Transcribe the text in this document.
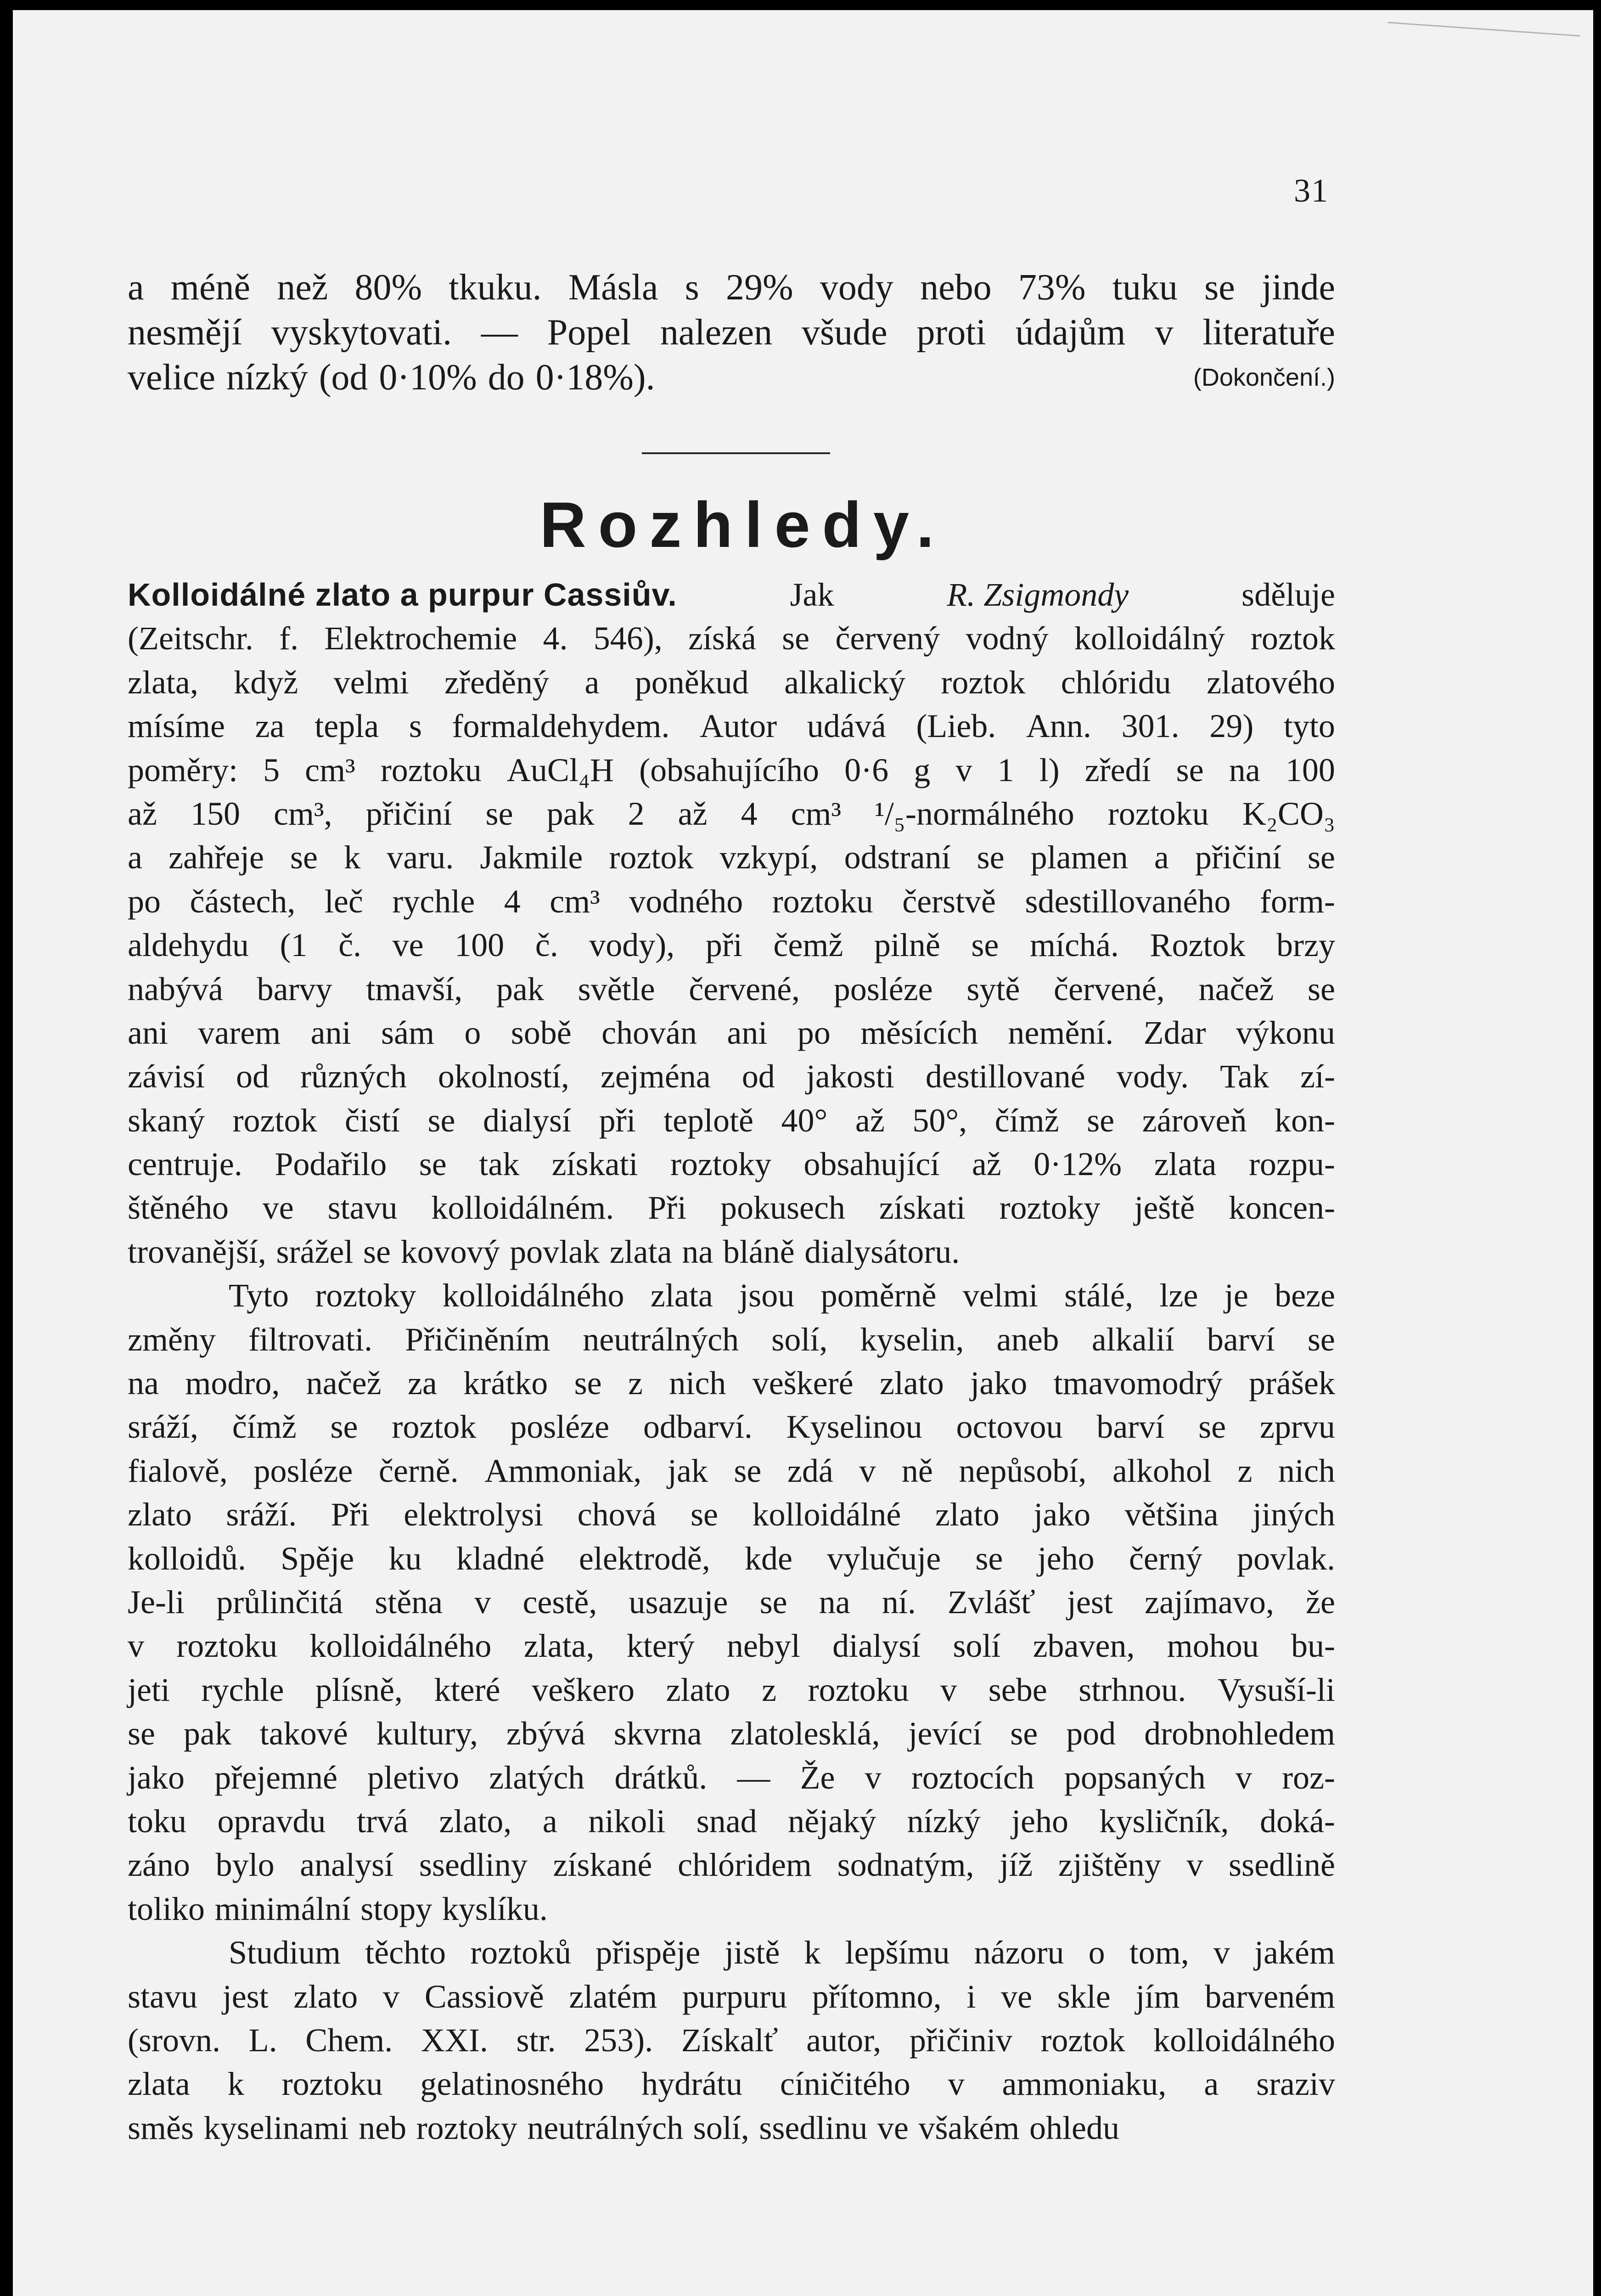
31
a méně než 80% tkuku. Másla s 29% vody nebo 73% tuku se jinde
nesmějí vyskytovati. — Popel nalezen všude proti údajům v literatuře
velice nízký (od 0·10% do 0·18%).	(Dokončení.)
Rozhledy.
Kolloidálné zlato a purpur Cassiův.	Jak	R. Zsigmondy	sděluje
(Zeitschr. f. Elektrochemie 4. 546), získá se červený vodný kolloidálný roztok
zlata, když velmi zředěný a poněkud alkalický roztok chlóridu zlatového
mísíme za tepla s formaldehydem. Autor udává (Lieb. Ann. 301. 29) tyto
poměry: 5 cm³ roztoku AuCl₄H (obsahujícího 0·6 g v 1 l) zředí se na 100
až 150 cm³, přičiní se pak 2 až 4 cm³ ¹/₅-normálného roztoku K₂CO₃
a zahřeje se k varu. Jakmile roztok vzkypí, odstraní se plamen a přičiní se
po částech, leč rychle 4 cm³ vodného roztoku čerstvě sdestillovaného form-
aldehydu (1 č. ve 100 č. vody), při čemž pilně se míchá. Roztok brzy
nabývá barvy tmavší, pak světle červené, posléze sytě červené, načež se
ani varem ani sám o sobě chován ani po měsících nemění. Zdar výkonu
závisí od různých okolností, zejména od jakosti destillované vody. Tak zí-
skaný roztok čistí se dialysí při teplotě 40° až 50°, čímž se zároveň kon-
centruje. Podařilo se tak získati roztoky obsahující až 0·12% zlata rozpu-
štěného ve stavu kolloidálném. Při pokusech získati roztoky ještě koncen-
trovanější, srážel se kovový povlak zlata na bláně dialysátoru.
Tyto roztoky kolloidálného zlata jsou poměrně velmi stálé, lze je beze
změny filtrovati. Přičiněním neutrálných solí, kyselin, aneb alkalií barví se
na modro, načež za krátko se z nich veškeré zlato jako tmavomodrý prášek
sráží, čímž se roztok posléze odbarví. Kyselinou octovou barví se zprvu
fialově, posléze černě. Ammoniak, jak se zdá v ně nepůsobí, alkohol z nich
zlato sráží. Při elektrolysi chová se kolloidálné zlato jako většina jiných
kolloidů. Spěje ku kladné elektrodě, kde vylučuje se jeho černý povlak.
Je-li průlinčitá stěna v cestě, usazuje se na ní. Zvlášť jest zajímavo, že
v roztoku kolloidálného zlata, který nebyl dialysí solí zbaven, mohou bu-
jeti rychle plísně, které veškero zlato z roztoku v sebe strhnou. Vysuší-li
se pak takové kultury, zbývá skvrna zlatolesklá, jevící se pod drobnohledem
jako přejemné pletivo zlatých drátků. — Že v roztocích popsaných v roz-
toku opravdu trvá zlato, a nikoli snad nějaký nízký jeho kysličník, doká-
záno bylo analysí ssedliny získané chlóridem sodnatým, jíž zjištěny v ssedlině
toliko minimální stopy kyslíku.
Studium těchto roztoků přispěje jistě k lepšímu názoru o tom, v jakém
stavu jest zlato v Cassiově zlatém purpuru přítomno, i ve skle jím barveném
(srovn. L. Chem. XXI. str. 253). Získalť autor, přičiniv roztok kolloidálného
zlata k roztoku gelatinosného hydrátu cíničitého v ammoniaku, a sraziv
směs kyselinami neb roztoky neutrálných solí, ssedlinu ve všakém ohledu
